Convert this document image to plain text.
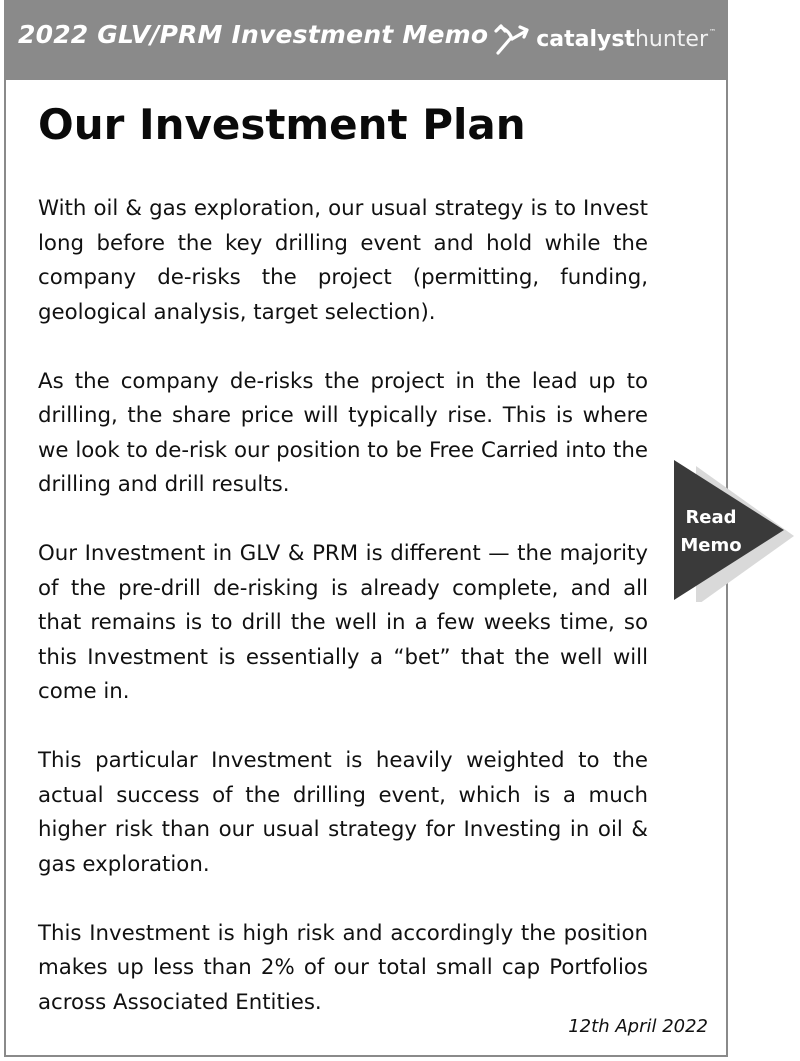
2022 GLV/PRM Investment Memo catalyst hunter ™
Our Investment Plan

With oil & gas exploration, our usual strategy is to Invest long before the key drilling event and hold while the company de-risks the project (permitting, funding, geological analysis, target selection).

As the company de-risks the project in the lead up to drilling, the share price will typically rise. This is where we look to de-risk our position to be Free Carried into the drilling and drill results.

Our Investment in GLV & PRM is different — the majority of the pre-drill de-risking is already complete, and all that remains is to drill the well in a few weeks time, so this Investment is essentially a “bet” that the well will come in.

This particular Investment is heavily weighted to the actual success of the drilling event, which is a much higher risk than our usual strategy for Investing in oil & gas exploration.

This Investment is high risk and accordingly the position makes up less than 2% of our total small cap Portfolios across Associated Entities.

12th April 2022
Read
Memo
